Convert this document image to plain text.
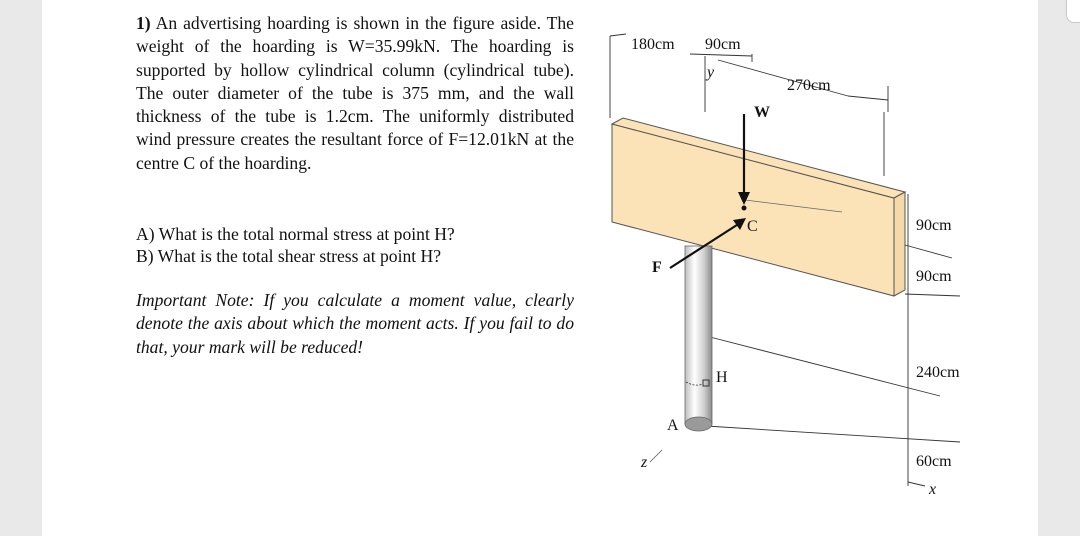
1) An advertising hoarding is shown in the figure aside. The weight of the hoarding is W=35.99kN. The hoarding is supported by hollow cylindrical column (cylindrical tube). The outer diameter of the tube is 375 mm, and the wall thickness of the tube is 1.2cm. The uniformly distributed wind pressure creates the resultant force of F=12.01kN at the centre C of the hoarding.

A) What is the total normal stress at point H?

B) What is the total shear stress at point H?

Important Note: If you calculate a moment value, clearly denote the axis about which the moment acts. If you fail to do that, your mark will be reduced!

180cm 90cm
270cm
90cm
90cm
240cm
60cm
W
C
F
H
A
x
y
z
